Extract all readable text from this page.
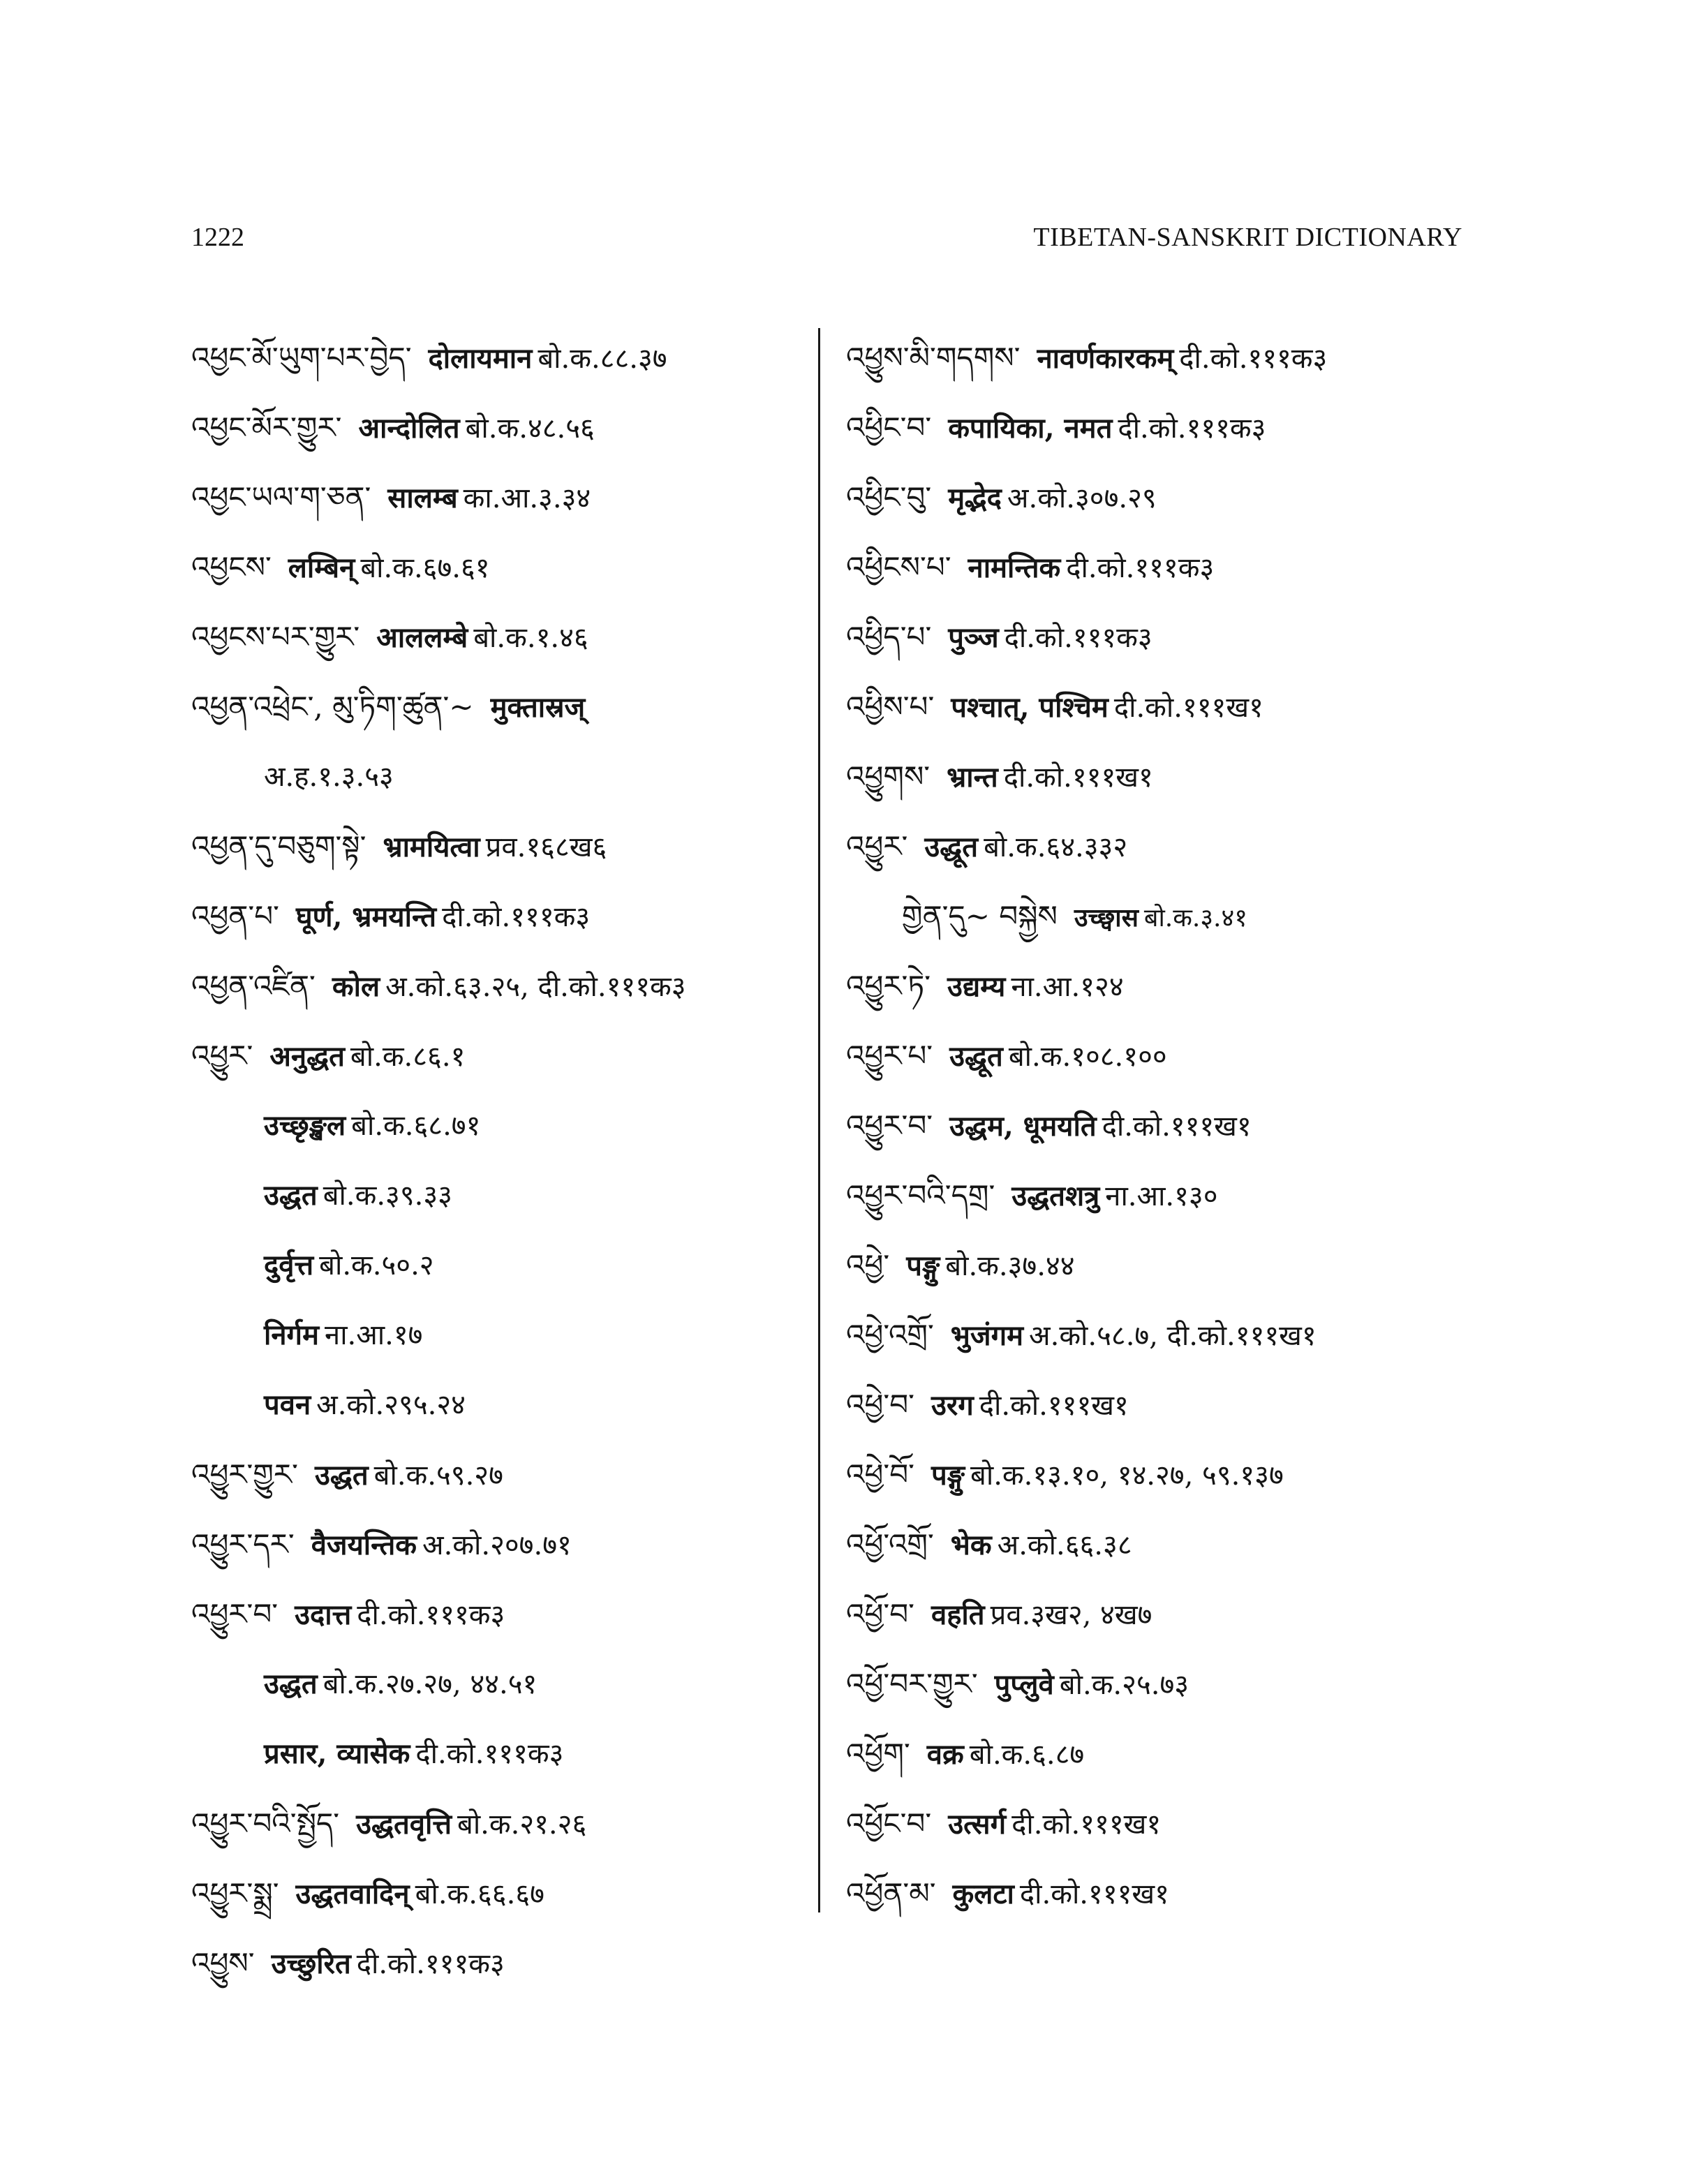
1222	TIBETAN-SANSKRIT DICTIONARY
འཕྱང་མོ་ཡུག་པར་བྱེད་ दोलायमान बो.क.८८.३७
འཕྱང་མོར་གྱུར་ आन्दोलित बो.क.४८.५६
འཕྱང་ཡལ་ག་ཅན་ सालम्ब का.आ.३.३४
འཕྱངས་ लम्बिन् बो.क.६७.६१
འཕྱངས་པར་གྱུར་ आललम्बे बो.क.१.४६
འཕྱན་འཕྲེང་, མུ་ཏིག་ཚུན་~ मुक्तास्रज्
अ.ह.१.३.५३
འཕྱན་དུ་བཅུག་སྟེ་ भ्रामयित्वा प्रव.१६८ख६
འཕྱན་པ་ घूर्ण, भ्रमयन्ति दी.को.१११क३
འཕྱན་འཛིན་ कोल अ.को.६३.२५, दी.को.१११क३
འཕྱུར་ अनुद्धत बो.क.८६.१
उच्छृङ्खल बो.क.६८.७१
उद्धत बो.क.३९.३३
दुर्वृत्त बो.क.५०.२
निर्गम ना.आ.१७
पवन अ.को.२९५.२४
འཕྱུར་གྱུར་ उद्धत बो.क.५९.२७
འཕྱུར་དར་ वैजयन्तिक अ.को.२०७.७१
འཕྱུར་བ་ उदात्त दी.को.१११क३
उद्धत बो.क.२७.२७, ४४.५१
प्रसार, व्यासेक दी.को.१११क३
འཕྱུར་བའི་སྤྱོད་ उद्धतवृत्ति बो.क.२१.२६
འཕྱུར་སྨྲ་ उद्धतवादिन् बो.क.६६.६७
འཕྱུས་ उच्छुरित दी.को.१११क३
འཕྱུས་མི་གདགས་ नावर्णकारकम् दी.को.१११क३
འཕྱིང་བ་ कपायिका, नमत दी.को.१११क३
འཕྱིང་བུ་ मृद्भेद अ.को.३०७.२९
འཕྱིངས་པ་ नामन्तिक दी.को.१११क३
འཕྱིད་པ་ पुञ्ज दी.को.१११क३
འཕྱིས་པ་ पश्चात्, पश्चिम दी.को.१११ख१
འཕྱུགས་ भ्रान्त दी.को.१११ख१
འཕྱུར་ उद्धूत बो.क.६४.३३२
གྱེན་དུ~ བསྐྱེས उच्छ्वास बो.क.३.४१
འཕྱུར་ཏེ་ उद्यम्य ना.आ.१२४
འཕྱུར་པ་ उद्धूत बो.क.१०८.१००
འཕྱུར་བ་ उद्धम, धूमयति दी.को.१११ख१
འཕྱུར་བའི་དགྲ་ उद्धतशत्रु ना.आ.१३०
འཕྱེ་ पङ्गु बो.क.३७.४४
འཕྱེ་འགྲོ་ भुजंगम अ.को.५८.७, दी.को.१११ख१
འཕྱེ་བ་ उरग दी.को.१११ख१
འཕྱེ་བོ་ पङ्गु बो.क.१३.१०, १४.२७, ५९.१३७
འཕྱོ་འགྲོ་ भेक अ.को.६६.३८
འཕྱོ་བ་ वहति प्रव.३ख२, ४ख७
འཕྱོ་བར་གྱུར་ पुप्लुवे बो.क.२५.७३
འཕྱོག་ वक्र बो.क.६.८७
འཕྱོང་བ་ उत्सर्ग दी.को.१११ख१
འཕྱོན་མ་ कुलटा दी.को.१११ख१
